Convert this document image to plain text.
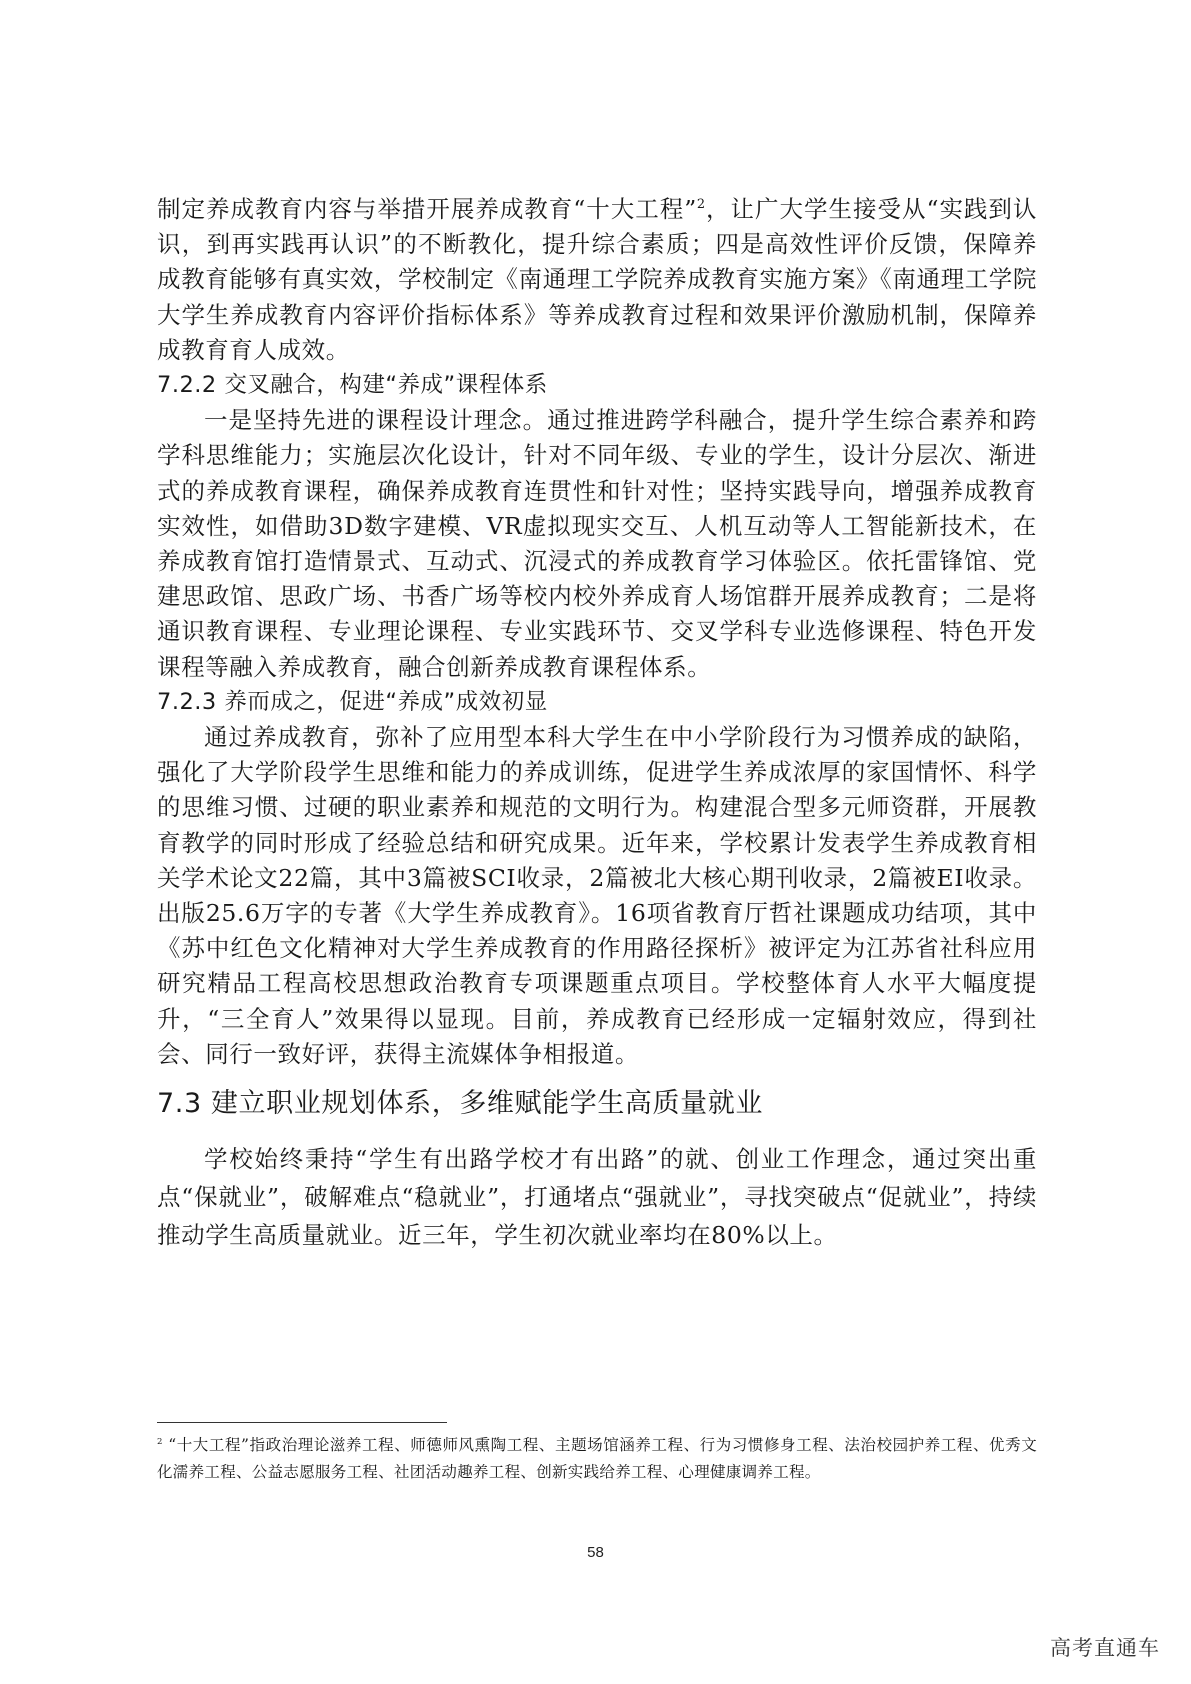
制定养成教育内容与举措开展养成教育“十大工程”$^2$，让广大学生接受从“实践到认识，到再实践再认识”的不断教化，提升综合素质；四是高效性评价反馈，保障养成教育能够有真实效，学校制定《南通理工学院养成教育实施方案》《南通理工学院大学生养成教育内容评价指标体系》等养成教育过程和效果评价激励机制，保障养成教育育人成效。

7.2.2 交叉融合，构建“养成”课程体系

一是坚持先进的课程设计理念。通过推进跨学科融合，提升学生综合素养和跨学科思维能力；实施层次化设计，针对不同年级、专业的学生，设计分层次、渐进式的养成教育课程，确保养成教育连贯性和针对性；坚持实践导向，增强养成教育实效性，如借助3D数字建模、VR虚拟现实交互、人机互动等人工智能新技术，在养成教育馆打造情景式、互动式、沉浸式的养成教育学习体验区。依托雷锋馆、党建思政馆、思政广场、书香广场等校内校外养成育人场馆群开展养成教育；二是将通识教育课程、专业理论课程、专业实践环节、交叉学科专业选修课程、特色开发课程等融入养成教育，融合创新养成教育课程体系。

7.2.3 养而成之，促进“养成”成效初显

通过养成教育，弥补了应用型本科大学生在中小学阶段行为习惯养成的缺陷，强化了大学阶段学生思维和能力的养成训练，促进学生养成浓厚的家国情怀、科学的思维习惯、过硬的职业素养和规范的文明行为。构建混合型多元师资群，开展教育教学的同时形成了经验总结和研究成果。近年来，学校累计发表学生养成教育相关学术论文22篇，其中3篇被SCI收录，2篇被北大核心期刊收录，2篇被EI收录。出版25.6万字的专著《大学生养成教育》。16项省教育厅哲社课题成功结项，其中《苏中红色文化精神对大学生养成教育的作用路径探析》被评定为江苏省社科应用研究精品工程高校思想政治教育专项课题重点项目。学校整体育人水平大幅度提升，“三全育人”效果得以显现。目前，养成教育已经形成一定辐射效应，得到社会、同行一致好评，获得主流媒体争相报道。

7.3 建立职业规划体系，多维赋能学生高质量就业

学校始终秉持“学生有出路学校才有出路”的就、创业工作理念，通过突出重点“保就业”，破解难点“稳就业”，打通堵点“强就业”，寻找突破点“促就业”，持续推动学生高质量就业。近三年，学生初次就业率均在80%以上。

$^2$ “十大工程”指政治理论滋养工程、师德师风熏陶工程、主题场馆涵养工程、行为习惯修身工程、法治校园护养工程、优秀文化濡养工程、公益志愿服务工程、社团活动趣养工程、创新实践给养工程、心理健康调养工程。
58
高考直通车
